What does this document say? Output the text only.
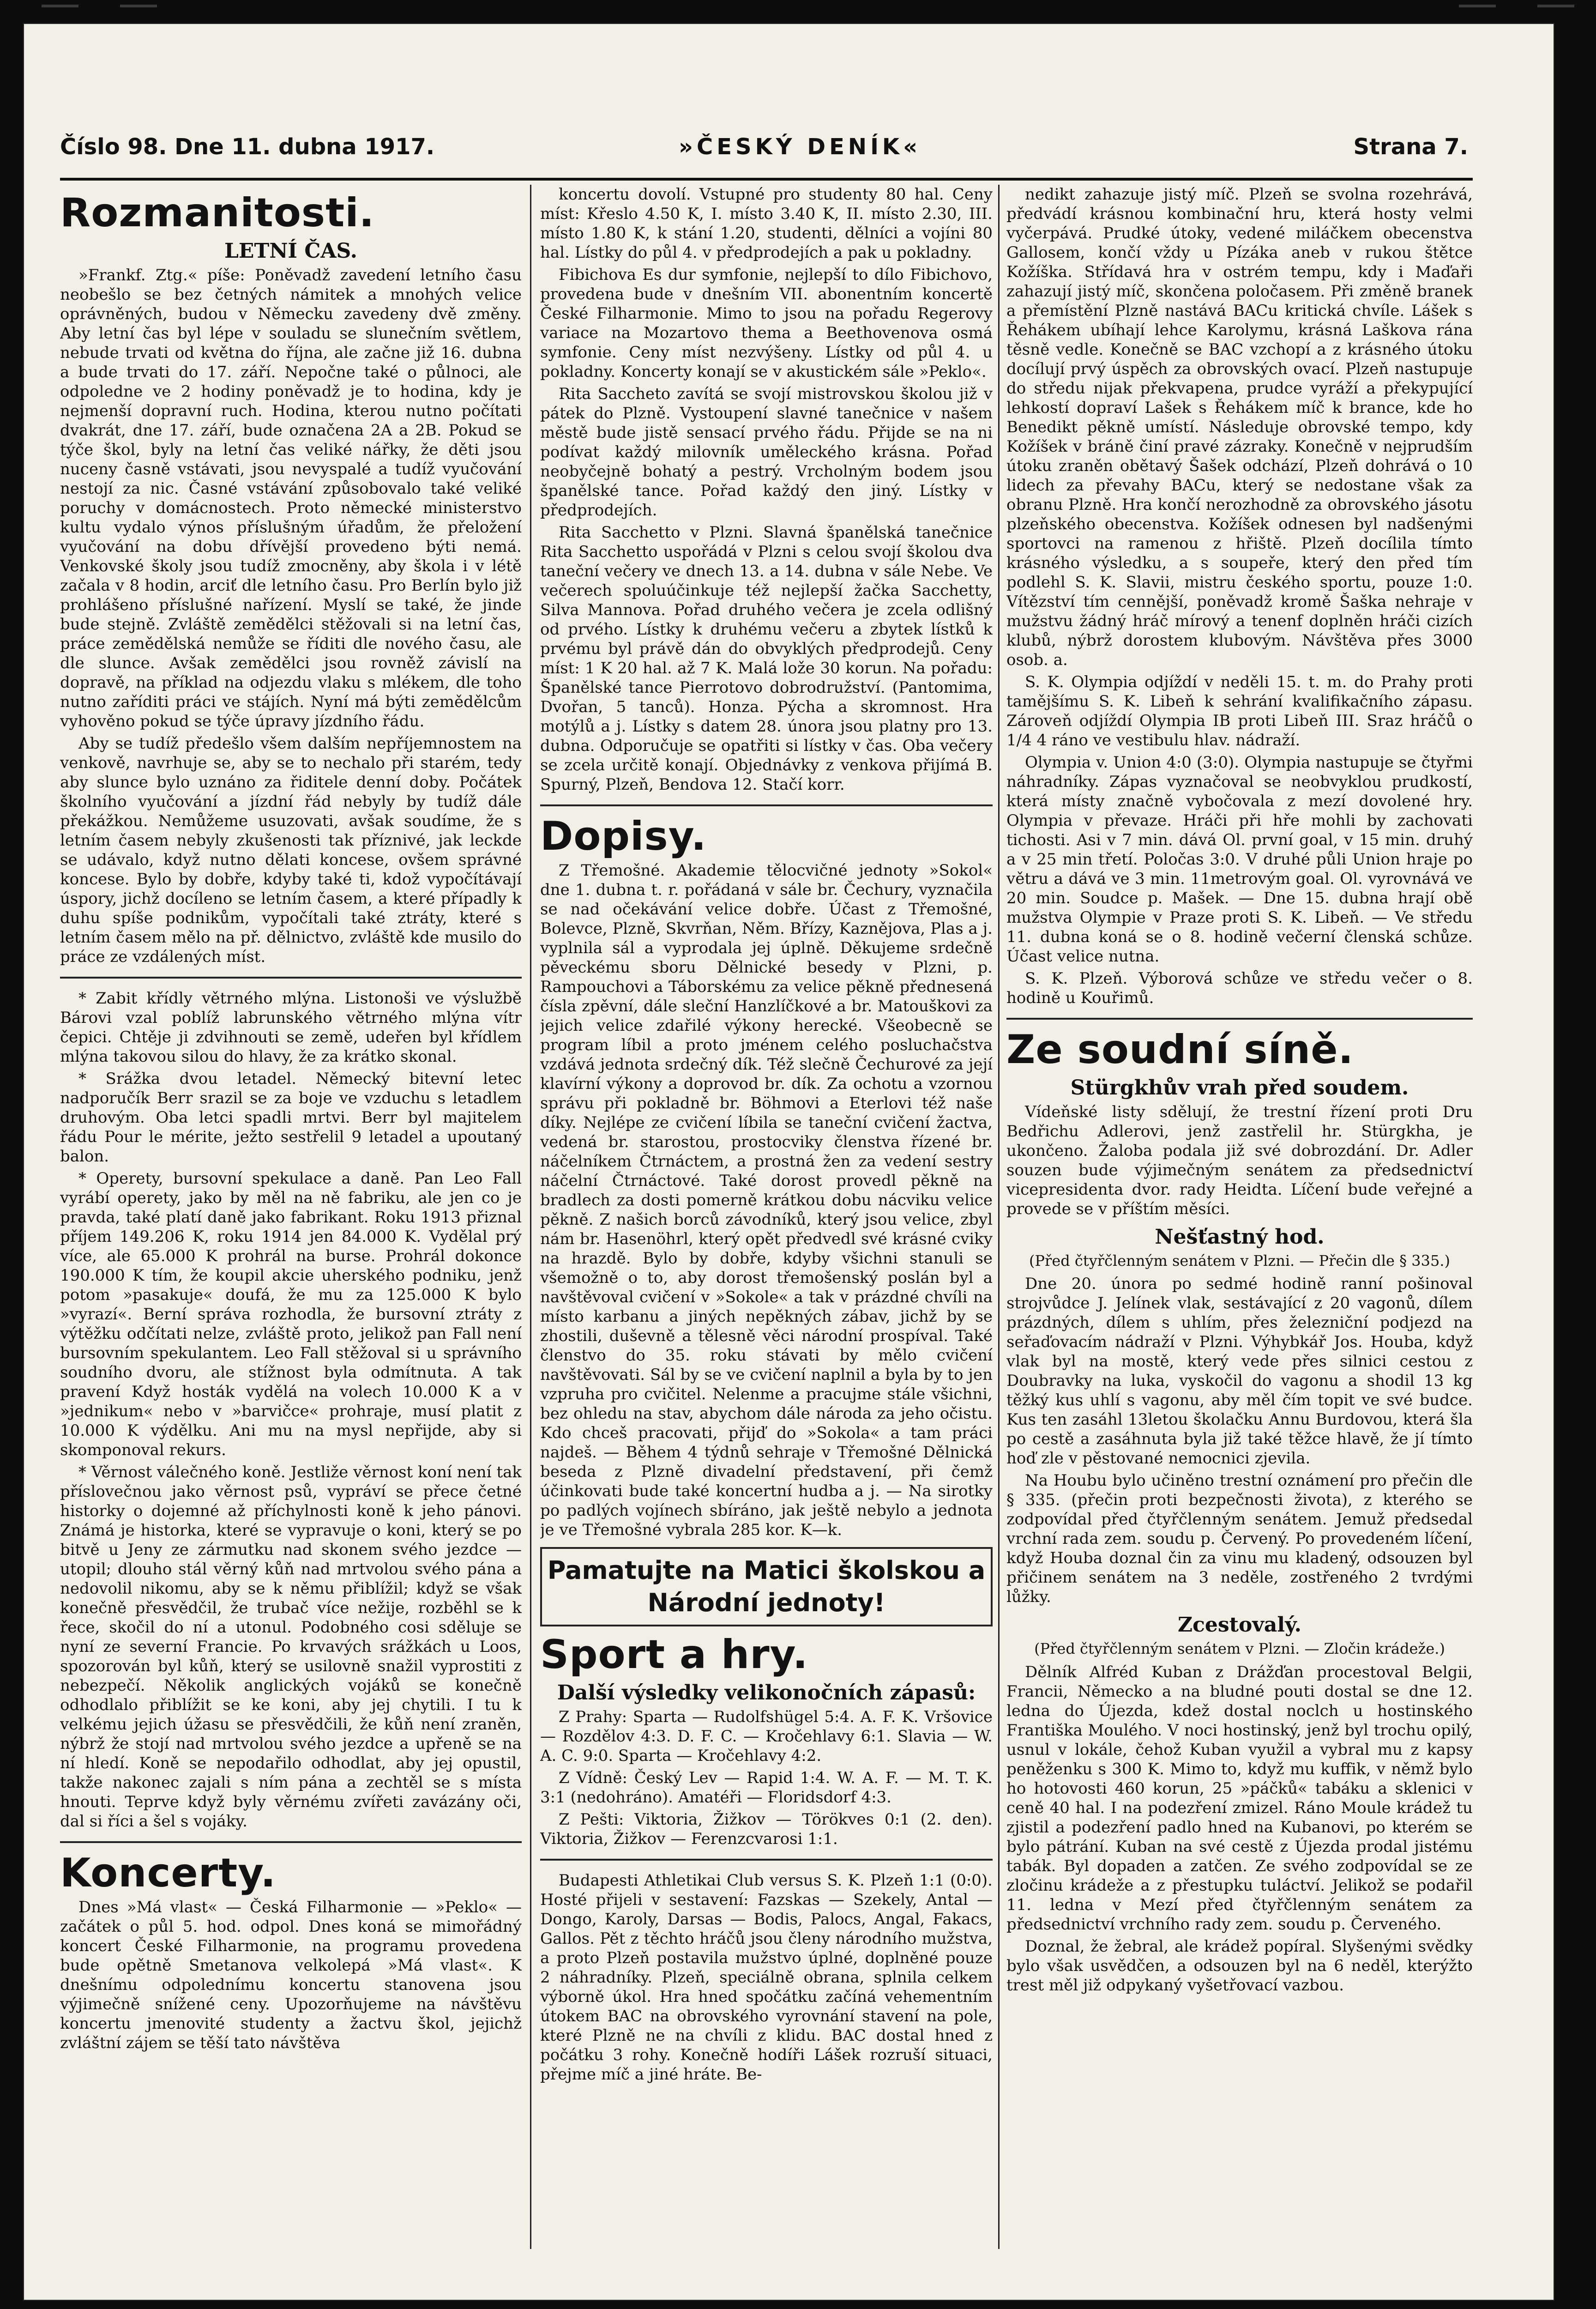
Číslo 98. Dne 11. dubna 1917.	»ČESKÝ DENÍK«	Strana 7.
Rozmanitosti.
LETNÍ ČAS.

»Frankf. Ztg.« píše: Poněvadž zavedení letního času neobešlo se bez četných námitek a mnohých velice oprávněných, budou v Německu zavedeny dvě změny. Aby letní čas byl lépe v souladu se slunečním světlem, nebude trvati od května do října, ale začne již 16. dubna a bude trvati do 17. září. Nepočne také o půlnoci, ale odpoledne ve 2 hodiny poněvadž je to hodina, kdy je nejmenší dopravní ruch. Hodina, kterou nutno počítati dvakrát, dne 17. září, bude označena 2A a 2B. Pokud se týče škol, byly na letní čas veliké nářky, že děti jsou nuceny časně vstávati, jsou nevyspalé a tudíž vyučování nestojí za nic. Časné vstávání způsobovalo také veliké poruchy v domácnostech. Proto německé ministerstvo kultu vydalo výnos příslušným úřadům, že přeložení vyučování na dobu dřívější provedeno býti nemá. Venkovské školy jsou tudíž zmocněny, aby škola i v létě začala v 8 hodin, arciť dle letního času. Pro Berlín bylo již prohlášeno příslušné nařízení. Myslí se také, že jinde bude stejně. Zvláště zemědělci stěžovali si na letní čas, práce zemědělská nemůže se říditi dle nového času, ale dle slunce. Avšak zemědělci jsou rovněž závislí na dopravě, na příklad na odjezdu vlaku s mlékem, dle toho nutno zaříditi práci ve stájích. Nyní má býti zemědělcům vyhověno pokud se týče úpravy jízdního řádu.

Aby se tudíž předešlo všem dalším nepříjemnostem na venkově, navrhuje se, aby se to nechalo při starém, tedy aby slunce bylo uznáno za řiditele denní doby. Počátek školního vyučování a jízdní řád nebyly by tudíž dále překážkou. Nemůžeme usuzovati, avšak soudíme, že s letním časem nebyly zkušenosti tak příznivé, jak leckde se udávalo, když nutno dělati koncese, ovšem správné koncese. Bylo by dobře, kdyby také ti, kdož vypočítávají úspory, jichž docíleno se letním časem, a které případly k duhu spíše podnikům, vypočítali také ztráty, které s letním časem mělo na př. dělnictvo, zvláště kde musilo do práce ze vzdálených míst.

* Zabit křídly větrného mlýna. Listonoši ve výslužbě Bárovi vzal poblíž labrunského větrného mlýna vítr čepici. Chtěje ji zdvihnouti se země, udeřen byl křídlem mlýna takovou silou do hlavy, že za krátko skonal.

* Srážka dvou letadel. Německý bitevní letec nadporučík Berr srazil se za boje ve vzduchu s letadlem druhovým. Oba letci spadli mrtvi. Berr byl majitelem řádu Pour le mérite, ježto sestřelil 9 letadel a upoutaný balon.

* Operety, bursovní spekulace a daně. Pan Leo Fall vyrábí operety, jako by měl na ně fabriku, ale jen co je pravda, také platí daně jako fabrikant. Roku 1913 přiznal příjem 149.206 K, roku 1914 jen 84.000 K. Vydělal prý více, ale 65.000 K prohrál na burse. Prohrál dokonce 190.000 K tím, že koupil akcie uherského podniku, jenž potom »pasakuje« doufá, že mu za 125.000 K bylo »vyrazí«. Berní správa rozhodla, že bursovní ztráty z výtěžku odčítati nelze, zvláště proto, jelikož pan Fall není bursovním spekulantem. Leo Fall stěžoval si u správního soudního dvoru, ale stížnost byla odmítnuta. A tak pravení Když hosták vydělá na volech 10.000 K a v »jednikum« nebo v »barvičce« prohraje, musí platit z 10.000 K výdělku. Ani mu na mysl nepřijde, aby si skomponoval rekurs.

* Věrnost válečného koně. Jestliže věrnost koní není tak příslovečnou jako věrnost psů, vypráví se přece četné historky o dojemné až příchylnosti koně k jeho pánovi. Známá je historka, které se vypravuje o koni, který se po bitvě u Jeny ze zármutku nad skonem svého jezdce — utopil; dlouho stál věrný kůň nad mrtvolou svého pána a nedovolil nikomu, aby se k němu přiblížil; když se však konečně přesvědčil, že trubač více nežije, rozběhl se k řece, skočil do ní a utonul. Podobného cosi sděluje se nyní ze severní Francie. Po krvavých srážkách u Loos, spozorován byl kůň, který se usilovně snažil vyprostiti z nebezpečí. Několik anglických vojáků se konečně odhodlalo přiblížit se ke koni, aby jej chytili. I tu k velkému jejich úžasu se přesvědčili, že kůň není zraněn, nýbrž že stojí nad mrtvolou svého jezdce a upřeně se na ní hledí. Koně se nepodařilo odhodlat, aby jej opustil, takže nakonec zajali s ním pána a zechtěl se s místa hnouti. Teprve když byly věrnému zvířeti zavázány oči, dal si říci a šel s vojáky.

Koncerty.

Dnes »Má vlast« — Česká Filharmonie — »Peklo« — začátek o půl 5. hod. odpol. Dnes koná se mimořádný koncert České Filharmonie, na programu provedena bude opětně Smetanova velkolepá »Má vlast«. K dnešnímu odpolednímu koncertu stanovena jsou výjimečně snížené ceny. Upozorňujeme na návštěvu koncertu jmenovité studenty a žactvu škol, jejichž zvláštní zájem se těší tato návštěva

koncertu dovolí. Vstupné pro studenty 80 hal. Ceny míst: Křeslo 4.50 K, I. místo 3.40 K, II. místo 2.30, III. místo 1.80 K, k stání 1.20, studenti, dělníci a vojíni 80 hal. Lístky do půl 4. v předprodejích a pak u pokladny.

Fibichova Es dur symfonie, nejlepší to dílo Fibichovo, provedena bude v dnešním VII. abonentním koncertě České Filharmonie. Mimo to jsou na pořadu Regerovy variace na Mozartovo thema a Beethovenova osmá symfonie. Ceny míst nezvýšeny. Lístky od půl 4. u pokladny. Koncerty konají se v akustickém sále »Peklo«.

Rita Saccheto zavítá se svojí mistrovskou školou již v pátek do Plzně. Vystoupení slavné tanečnice v našem městě bude jistě sensací prvého řádu. Přijde se na ni podívat každý milovník uměleckého krásna. Pořad neobyčejně bohatý a pestrý. Vrcholným bodem jsou španělské tance. Pořad každý den jiný. Lístky v předprodejích.

Rita Sacchetto v Plzni. Slavná španělská tanečnice Rita Sacchetto uspořádá v Plzni s celou svojí školou dva taneční večery ve dnech 13. a 14. dubna v sále Nebe. Ve večerech spoluúčinkuje též nejlepší žačka Sacchetty, Silva Mannova. Pořad druhého večera je zcela odlišný od prvého. Lístky k druhému večeru a zbytek lístků k prvému byl právě dán do obvyklých předprodejů. Ceny míst: 1 K 20 hal. až 7 K. Malá lože 30 korun. Na pořadu: Španělské tance Pierrotovo dobrodružství. (Pantomima, Dvořan, 5 tanců). Honza. Pýcha a skromnost. Hra motýlů a j. Lístky s datem 28. února jsou platny pro 13. dubna. Odporučuje se opatřiti si lístky v čas. Oba večery se zcela určitě konají. Objednávky z venkova přijímá B. Spurný, Plzeň, Bendova 12. Stačí korr.

Dopisy.

Z Třemošné. Akademie tělocvičné jednoty »Sokol« dne 1. dubna t. r. pořádaná v sále br. Čechury, vyznačila se nad očekávání velice dobře. Účast z Třemošné, Bolevce, Plzně, Skvrňan, Něm. Břízy, Kaznějova, Plas a j. vyplnila sál a vyprodala jej úplně. Děkujeme srdečně pěveckému sboru Dělnické besedy v Plzni, p. Rampouchovi a Táborskému za velice pěkně přednesená čísla zpěvní, dále sleční Hanzlíčkové a br. Matouškovi za jejich velice zdařilé výkony herecké. Všeobecně se program líbil a proto jménem celého posluchačstva vzdává jednota srdečný dík. Též slečně Čechurové za její klavírní výkony a doprovod br. dík. Za ochotu a vzornou správu při pokladně br. Böhmovi a Eterlovi též naše díky. Nejlépe ze cvičení líbila se taneční cvičení žactva, vedená br. starostou, prostocviky členstva řízené br. náčelníkem Čtrnáctem, a prostná žen za vedení sestry náčelní Čtrnáctové. Také dorost provedl pěkně na bradlech za dosti pomerně krátkou dobu nácviku velice pěkně. Z našich borců závodníků, který jsou velice, zbyl nám br. Hasenöhrl, který opět předvedl své krásné cviky na hrazdě. Bylo by dobře, kdyby všichni stanuli se všemožně o to, aby dorost třemošenský poslán byl a navštěvoval cvičení v »Sokole« a tak v prázdné chvíli na místo karbanu a jiných nepěkných zábav, jichž by se zhostili, duševně a tělesně věci národní prospíval. Také členstvo do 35. roku stávati by mělo cvičení navštěvovati. Sál by se ve cvičení naplnil a byla by to jen vzpruha pro cvičitel. Nelenme a pracujme stále všichni, bez ohledu na stav, abychom dále národa za jeho očistu. Kdo chceš pracovati, přijď do »Sokola« a tam práci najdeš. — Během 4 týdnů sehraje v Třemošné Dělnická beseda z Plzně divadelní představení, při čemž účinkovati bude také koncertní hudba a j. — Na sirotky po padlých vojínech sbíráno, jak ještě nebylo a jednota je ve Třemošné vybrala 285 kor. K—k.

Pamatujte na Matici školskou a Národní jednoty!
Sport a hry.
Další výsledky velikonočních zápasů:

Z Prahy: Sparta — Rudolfshügel 5:4. A. F. K. Vršovice — Rozdělov 4:3. D. F. C. — Kročehlavy 6:1. Slavia — W. A. C. 9:0. Sparta — Kročehlavy 4:2.

Z Vídně: Český Lev — Rapid 1:4. W. A. F. — M. T. K. 3:1 (nedohráno). Amatéři — Floridsdorf 4:3.

Z Pešti: Viktoria, Žižkov — Törökves 0:1 (2. den). Viktoria, Žižkov — Ferenzcvarosi 1:1.

Budapesti Athletikai Club versus S. K. Plzeň 1:1 (0:0). Hosté přijeli v sestavení: Fazskas — Szekely, Antal — Dongo, Karoly, Darsas — Bodis, Palocs, Angal, Fakacs, Gallos. Pět z těchto hráčů jsou členy národního mužstva, a proto Plzeň postavila mužstvo úplné, doplněné pouze 2 náhradníky. Plzeň, speciálně obrana, splnila celkem výborně úkol. Hra hned spočátku začíná vehementním útokem BAC na obrovského vyrovnání stavení na pole, které Plzně ne na chvíli z klidu. BAC dostal hned z počátku 3 rohy. Konečně hodíři Lášek rozruší situaci, přejme míč a jiné hráte. Be-

nedikt zahazuje jistý míč. Plzeň se svolna rozehrává, předvádí krásnou kombinační hru, která hosty velmi vyčerpává. Prudké útoky, vedené miláčkem obecenstva Gallosem, končí vždy u Pízáka aneb v rukou štětce Kožíška. Střídavá hra v ostrém tempu, kdy i Maďaři zahazují jistý míč, skončena poločasem. Při změně branek a přemístění Plzně nastává BACu kritická chvíle. Lášek s Řehákem ubíhají lehce Karolymu, krásná Laškova rána těsně vedle. Konečně se BAC vzchopí a z krásného útoku docílují prvý úspěch za obrovských ovací. Plzeň nastupuje do středu nijak překvapena, prudce vyráží a překypující lehkostí dopraví Lašek s Řehákem míč k brance, kde ho Benedikt pěkně umístí. Následuje obrovské tempo, kdy Kožíšek v bráně činí pravé zázraky. Konečně v nejprudším útoku zraněn obětavý Šašek odchází, Plzeň dohrává o 10 lidech za převahy BACu, který se nedostane však za obranu Plzně. Hra končí nerozhodně za obrovského jásotu plzeňského obecenstva. Kožíšek odnesen byl nadšenými sportovci na ramenou z hřiště. Plzeň docílila tímto krásného výsledku, a s soupeře, který den před tím podlehl S. K. Slavii, mistru českého sportu, pouze 1:0. Vítězství tím cennější, poněvadž kromě Šaška nehraje v mužstvu žádný hráč mírový a tenenf doplněn hráči cizích klubů, nýbrž dorostem klubovým. Návštěva přes 3000 osob. a.

S. K. Olympia odjíždí v neděli 15. t. m. do Prahy proti tamějšímu S. K. Libeň k sehrání kvalifikačního zápasu. Zároveň odjíždí Olympia IB proti Libeň III. Sraz hráčů o 1/4 4 ráno ve vestibulu hlav. nádraží.

Olympia v. Union 4:0 (3:0). Olympia nastupuje se čtyřmi náhradníky. Zápas vyznačoval se neobvyklou prudkostí, která místy značně vybočovala z mezí dovolené hry. Olympia v převaze. Hráči při hře mohli by zachovati tichosti. Asi v 7 min. dává Ol. první goal, v 15 min. druhý a v 25 min třetí. Poločas 3:0. V druhé půli Union hraje po větru a dává ve 3 min. 11metrovým goal. Ol. vyrovnává ve 20 min. Soudce p. Mašek. — Dne 15. dubna hrají obě mužstva Olympie v Praze proti S. K. Libeň. — Ve středu 11. dubna koná se o 8. hodině večerní členská schůze. Účast velice nutna.

S. K. Plzeň. Výborová schůze ve středu večer o 8. hodině u Kouřimů.

Ze soudní síně.
Stürgkhův vrah před soudem.

Vídeňské listy sdělují, že trestní řízení proti Dru Bedřichu Adlerovi, jenž zastřelil hr. Stürgkha, je ukončeno. Žaloba podala již své dobrozdání. Dr. Adler souzen bude výjimečným senátem za předsednictví vicepresidenta dvor. rady Heidta. Líčení bude veřejné a provede se v příštím měsíci.

Nešťastný hod.
(Před čtyřčlenným senátem v Plzni. — Přečin dle § 335.)

Dne 20. února po sedmé hodině ranní pošinoval strojvůdce J. Jelínek vlak, sestávající z 20 vagonů, dílem prázdných, dílem s uhlím, přes železniční podjezd na seřaďovacím nádraží v Plzni. Výhybkář Jos. Houba, když vlak byl na mostě, který vede přes silnici cestou z Doubravky na luka, vyskočil do vagonu a shodil 13 kg těžký kus uhlí s vagonu, aby měl čím topit ve své budce. Kus ten zasáhl 13letou školačku Annu Burdovou, která šla po cestě a zasáhnuta byla již také těžce hlavě, že jí tímto hoď zle v pěstované nemocnici zjevila.

Na Houbu bylo učiněno trestní oznámení pro přečin dle § 335. (přečin proti bezpečnosti života), z kterého se zodpovídal před čtyřčlenným senátem. Jemuž předsedal vrchní rada zem. soudu p. Červený. Po provedeném líčení, když Houba doznal čin za vinu mu kladený, odsouzen byl přičinem senátem na 3 neděle, zostřeného 2 tvrdými lůžky.

Zcestovalý.
(Před čtyřčlenným senátem v Plzni. — Zločin krádeže.)

Dělník Alfréd Kuban z Drážďan procestoval Belgii, Francii, Německo a na bludné pouti dostal se dne 12. ledna do Újezda, kdež dostal noclch u hostinského Františka Moulého. V noci hostinský, jenž byl trochu opilý, usnul v lokále, čehož Kuban využil a vybral mu z kapsy peněženku s 300 K. Mimo to, když mu kuffik, v němž bylo ho hotovosti 460 korun, 25 »páčků« tabáku a sklenici v ceně 40 hal. I na podezření zmizel. Ráno Moule krádež tu zjistil a podezření padlo hned na Kubanovi, po kterém se bylo pátrání. Kuban na své cestě z Újezda prodal jistému tabák. Byl dopaden a zatčen. Ze svého zodpovídal se ze zločinu krádeže a z přestupku tuláctví. Jelikož se podařil 11. ledna v Mezí před čtyřčlenným senátem za předsednictví vrchního rady zem. soudu p. Červeného.

Doznal, že žebral, ale krádež popíral. Slyšenými svědky bylo však usvědčen, a odsouzen byl na 6 neděl, kterýžto trest měl již odpykaný vyšetřovací vazbou.
